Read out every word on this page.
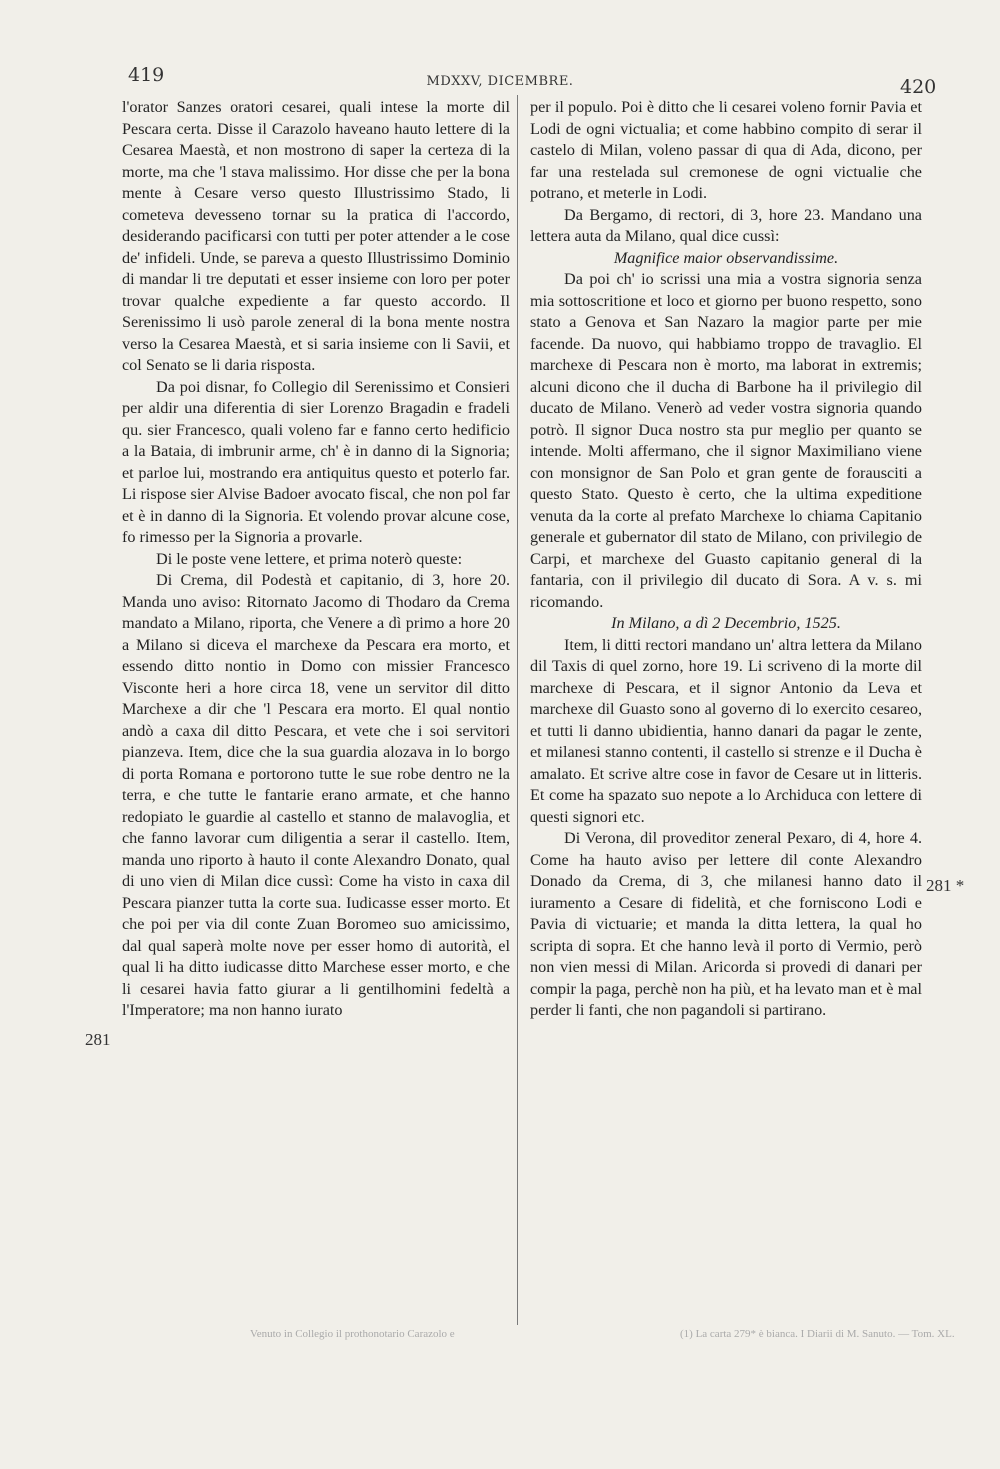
419	MDXXV, DICEMBRE.	420

l'orator Sanzes oratori cesarei, quali intese la morte dil Pescara certa. Disse il Carazolo haveano hauto lettere di la Cesarea Maestà, et non mostrono di saper la certeza di la morte, ma che 'l stava malissimo. Hor disse che per la bona mente à Cesare verso questo Illustrissimo Stado, li cometeva devesseno tornar su la pratica di l'accordo, desiderando pacificarsi con tutti per poter attender a le cose de' infideli. Unde, se pareva a questo Illustrissimo Dominio di mandar li tre deputati et esser insieme con loro per poter trovar qualche expediente a far questo accordo. Il Serenissimo li usò parole zeneral di la bona mente nostra verso la Cesarea Maestà, et si saria insieme con li Savii, et col Senato se li daria risposta.

Da poi disnar, fo Collegio dil Serenissimo et Consieri per aldir una diferentia di sier Lorenzo Bragadin e fradeli qu. sier Francesco, quali voleno far e fanno certo hedificio a la Bataia, di imbrunir arme, ch' è in danno di la Signoria; et parloe lui, mostrando era antiquitus questo et poterlo far. Li rispose sier Alvise Badoer avocato fiscal, che non pol far et è in danno di la Signoria. Et volendo provar alcune cose, fo rimesso per la Signoria a provarle.

Di le poste vene lettere, et prima noterò queste:

Di Crema, dil Podestà et capitanio, di 3, hore 20. Manda uno aviso: Ritornato Jacomo di Thodaro da Crema mandato a Milano, riporta, che Venere a dì primo a hore 20 a Milano si diceva el marchexe da Pescara era morto, et essendo ditto nontio in Domo con missier Francesco Visconte heri a hore circa 18, vene un servitor dil ditto Marchexe a dir che 'l Pescara era morto. El qual nontio andò a caxa dil ditto Pescara, et vete che i soi servitori pianzeva. Item, dice che la sua guardia alozava in lo borgo di porta Romana e portorono tutte le sue robe dentro ne la terra, e che tutte le fantarie erano armate, et che hanno redopiato le guardie al castello et stanno de malavoglia, et che fanno lavorar cum diligentia a serar il castello. Item, manda uno riporto à hauto il conte Alexandro Donato, qual di uno vien di Milan dice cussì: Come ha visto in caxa dil Pescara pianzer tutta la corte sua. Iudicasse esser morto. Et che poi per via dil conte Zuan Boromeo suo amicissimo, dal qual saperà molte nove per esser homo di autorità, el qual li ha ditto iudicasse ditto Marchese esser morto, e che li cesarei havia fatto giurar a li gentilhomini fedeltà a l'Imperatore; ma non hanno iurato

per il populo. Poi è ditto che li cesarei voleno fornir Pavia et Lodi de ogni victualia; et come habbino compito di serar il castelo di Milan, voleno passar di qua di Ada, dicono, per far una restelada sul cremonese de ogni victualie che potrano, et meterle in Lodi.

Da Bergamo, di rectori, di 3, hore 23. Mandano una lettera auta da Milano, qual dice cussì:

Magnifice maior observandissime.

Da poi ch' io scrissi una mia a vostra signoria senza mia sottoscritione et loco et giorno per buono respetto, sono stato a Genova et San Nazaro la magior parte per mie facende. Da nuovo, qui habbiamo troppo de travaglio. El marchexe di Pescara non è morto, ma laborat in extremis; alcuni dicono che il ducha di Barbone ha il privilegio dil ducato de Milano. Venerò ad veder vostra signoria quando potrò. Il signor Duca nostro sta pur meglio per quanto se intende. Molti affermano, che il signor Maximiliano viene con monsignor de San Polo et gran gente de forausciti a questo Stato. Questo è certo, che la ultima expeditione venuta da la corte al prefato Marchexe lo chiama Capitanio generale et gubernator dil stato de Milano, con privilegio de Carpi, et marchexe del Guasto capitanio general di la fantaria, con il privilegio dil ducato di Sora. A v. s. mi ricomando.

In Milano, a dì 2 Decembrio, 1525.

Item, li ditti rectori mandano un' altra lettera da Milano dil Taxis di quel zorno, hore 19. Li scriveno di la morte dil marchexe di Pescara, et il signor Antonio da Leva et marchexe dil Guasto sono al governo di lo exercito cesareo, et tutti li danno ubidientia, hanno danari da pagar le zente, et milanesi stanno contenti, il castello si strenze e il Ducha è amalato. Et scrive altre cose in favor de Cesare ut in litteris. Et come ha spazato suo nepote a lo Archiduca con lettere di questi signori etc.

Di Verona, dil proveditor zeneral Pexaro, di 4, hore 4. Come ha hauto aviso per lettere dil conte Alexandro Donado da Crema, di 3, che milanesi hanno dato il iuramento a Cesare di fidelità, et che forniscono Lodi e Pavia di victuarie; et manda la ditta lettera, la qual ho scripta di sopra. Et che hanno levà il porto di Vermio, però non vien messi di Milan. Aricorda si provedi di danari per compir la paga, perchè non ha più, et ha levato man et è mal perder li fanti, che non pagandoli si partirano.

281
281 *
Venuto in Collegio il prothonotario Carazolo e	(1) La carta 279* è bianca. I Diarii di M. Sanuto. — Tom. XL.
